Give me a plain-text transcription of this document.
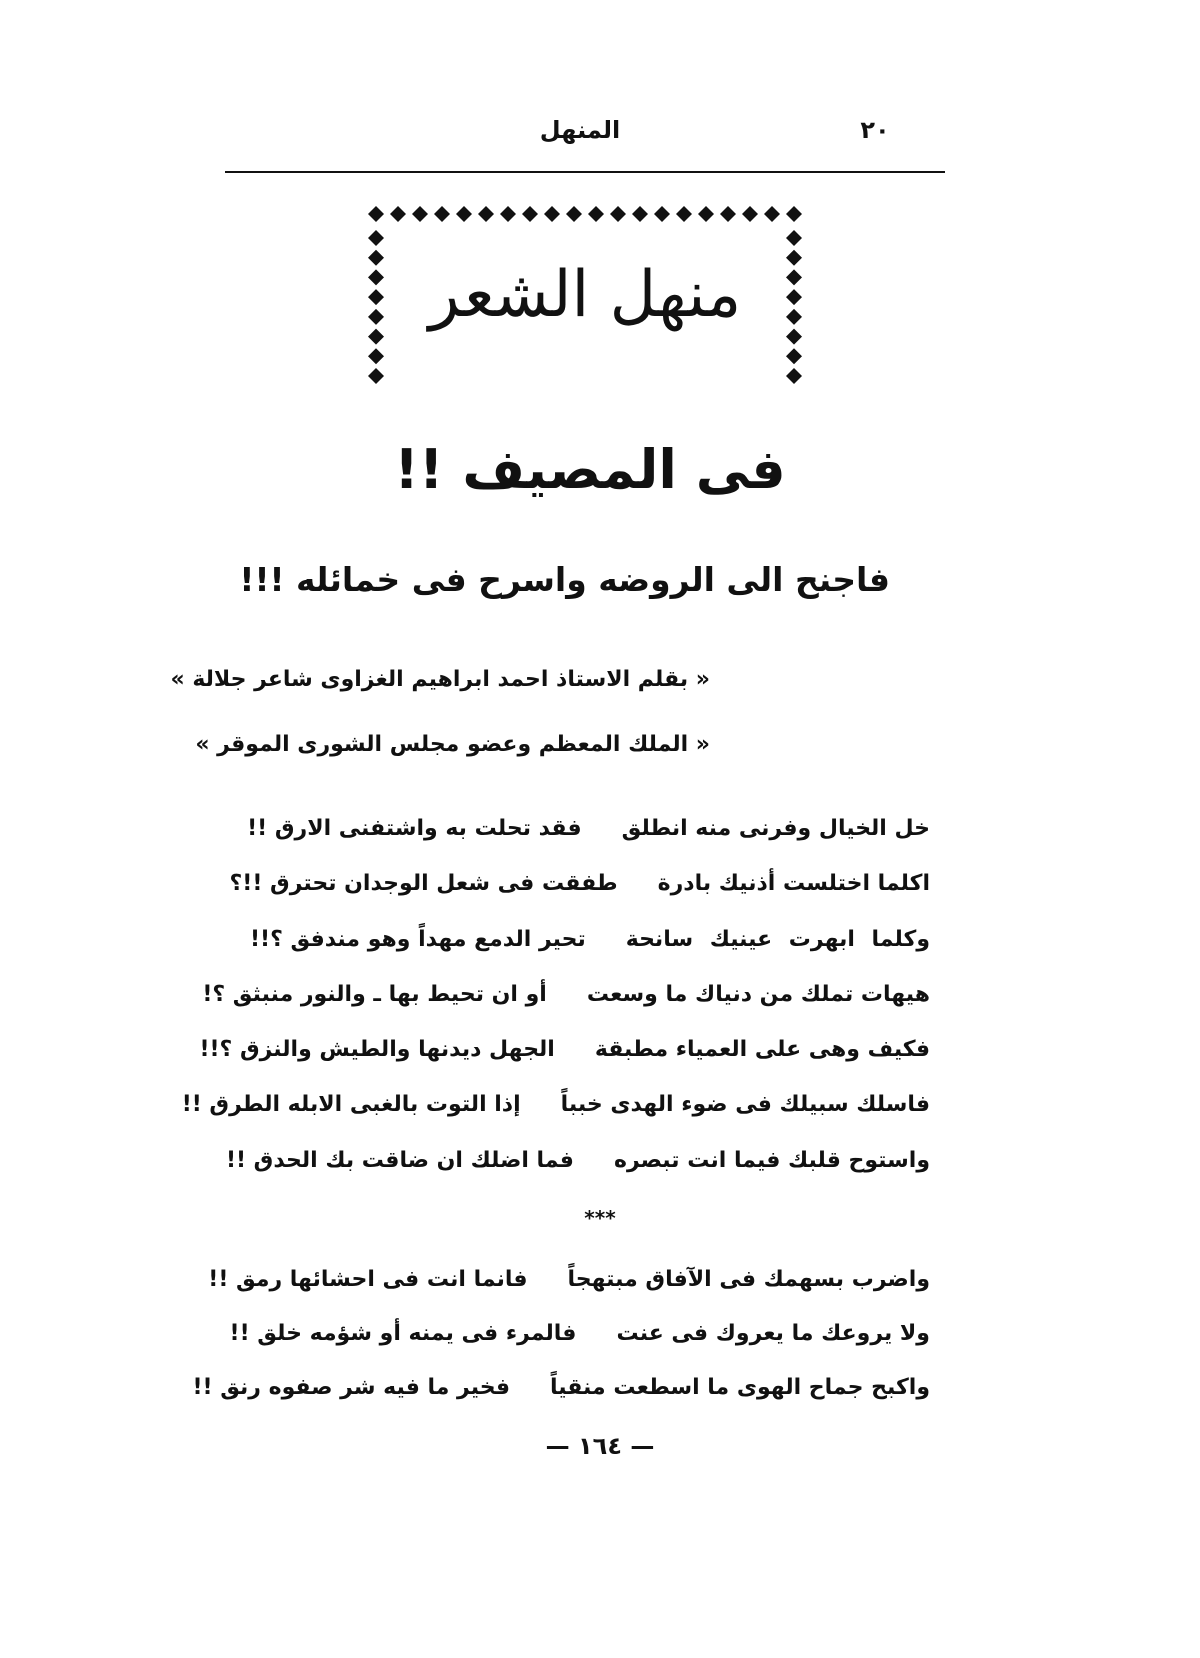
المنهل	٢٠
منهل الشعر
فى المصيف !!
فاجنح الى الروضه واسرح فى خمائله !!!
« بقلم الاستاذ احمد ابراهيم الغزاوى شاعر جلالة »
« الملك المعظم وعضو مجلس الشورى الموقر »
خل الخيال وفرنى منه انطلق
فقد تحلت به واشتفنى الارق !!
اكلما اختلست أذنيك بادرة
طفقت فى شعل الوجدان تحترق !!؟
وكلما ابهرت عينيك سانحة
تحير الدمع مهداً وهو مندفق ؟!!
هيهات تملك من دنياك ما وسعت
أو ان تحيط بها ـ والنور منبثق ؟!
فكيف وهى على العمياء مطبقة
الجهل ديدنها والطيش والنزق ؟!!
فاسلك سبيلك فى ضوء الهدى خبباً
إذا التوت بالغبى الابله الطرق !!
واستوح قلبك فيما انت تبصره
فما اضلك ان ضاقت بك الحدق !!
***
واضرب بسهمك فى الآفاق مبتهجاً
فانما انت فى احشائها رمق !!
ولا يروعك ما يعروك فى عنت
فالمرء فى يمنه أو شؤمه خلق !!
واكبح جماح الهوى ما اسطعت منقياً
فخير ما فيه شر صفوه رنق !!
— ١٦٤ —
